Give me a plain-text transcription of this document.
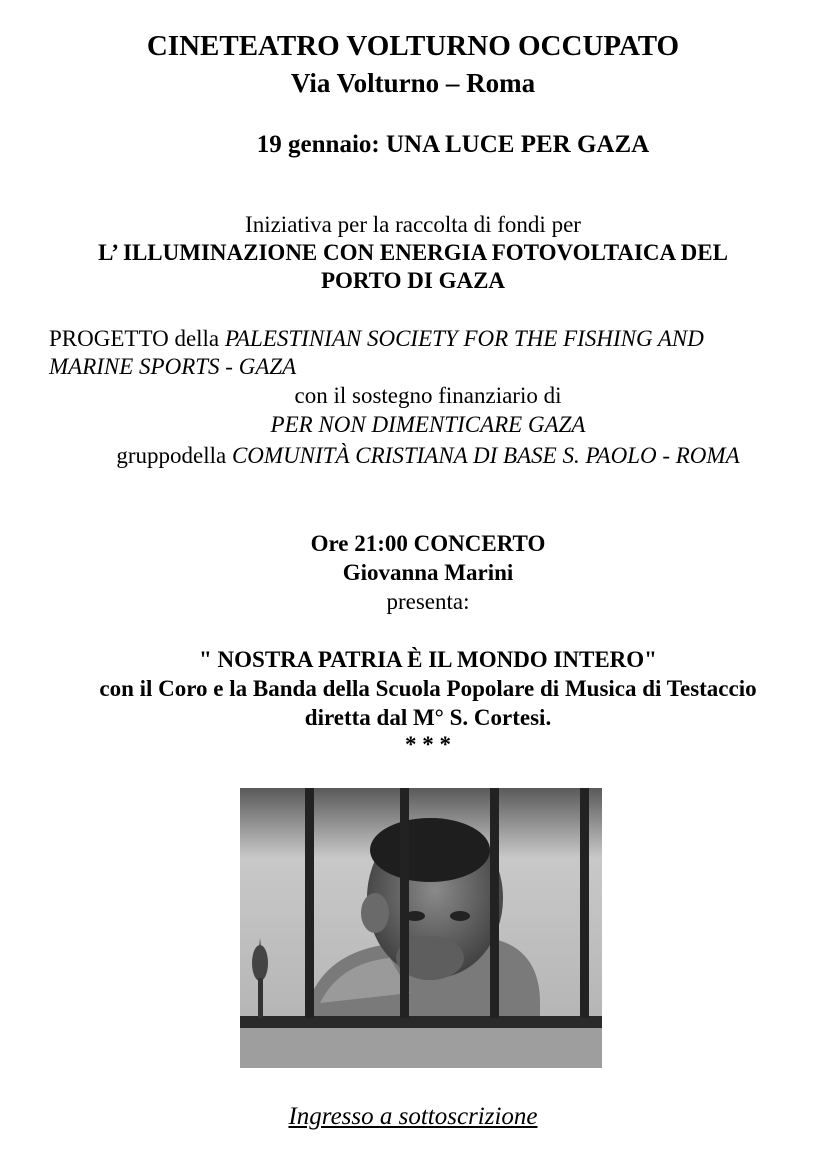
CINETEATRO VOLTURNO OCCUPATO
Via Volturno – Roma
19 gennaio: UNA LUCE PER GAZA
Iniziativa per la raccolta di fondi per
L’ ILLUMINAZIONE CON ENERGIA FOTOVOLTAICA DEL
PORTO DI GAZA
PROGETTO della PALESTINIAN SOCIETY FOR THE FISHING AND
MARINE SPORTS - GAZA
con il sostegno finanziario di
PER NON DIMENTICARE GAZA
gruppodella COMUNITÀ CRISTIANA DI BASE S. PAOLO - ROMA
Ore 21:00 CONCERTO
Giovanna Marini
presenta:
" NOSTRA PATRIA È IL MONDO INTERO"
con il Coro e la Banda della Scuola Popolare di Musica di Testaccio
diretta dal M° S. Cortesi.
* * *
Ingresso a sottoscrizione
